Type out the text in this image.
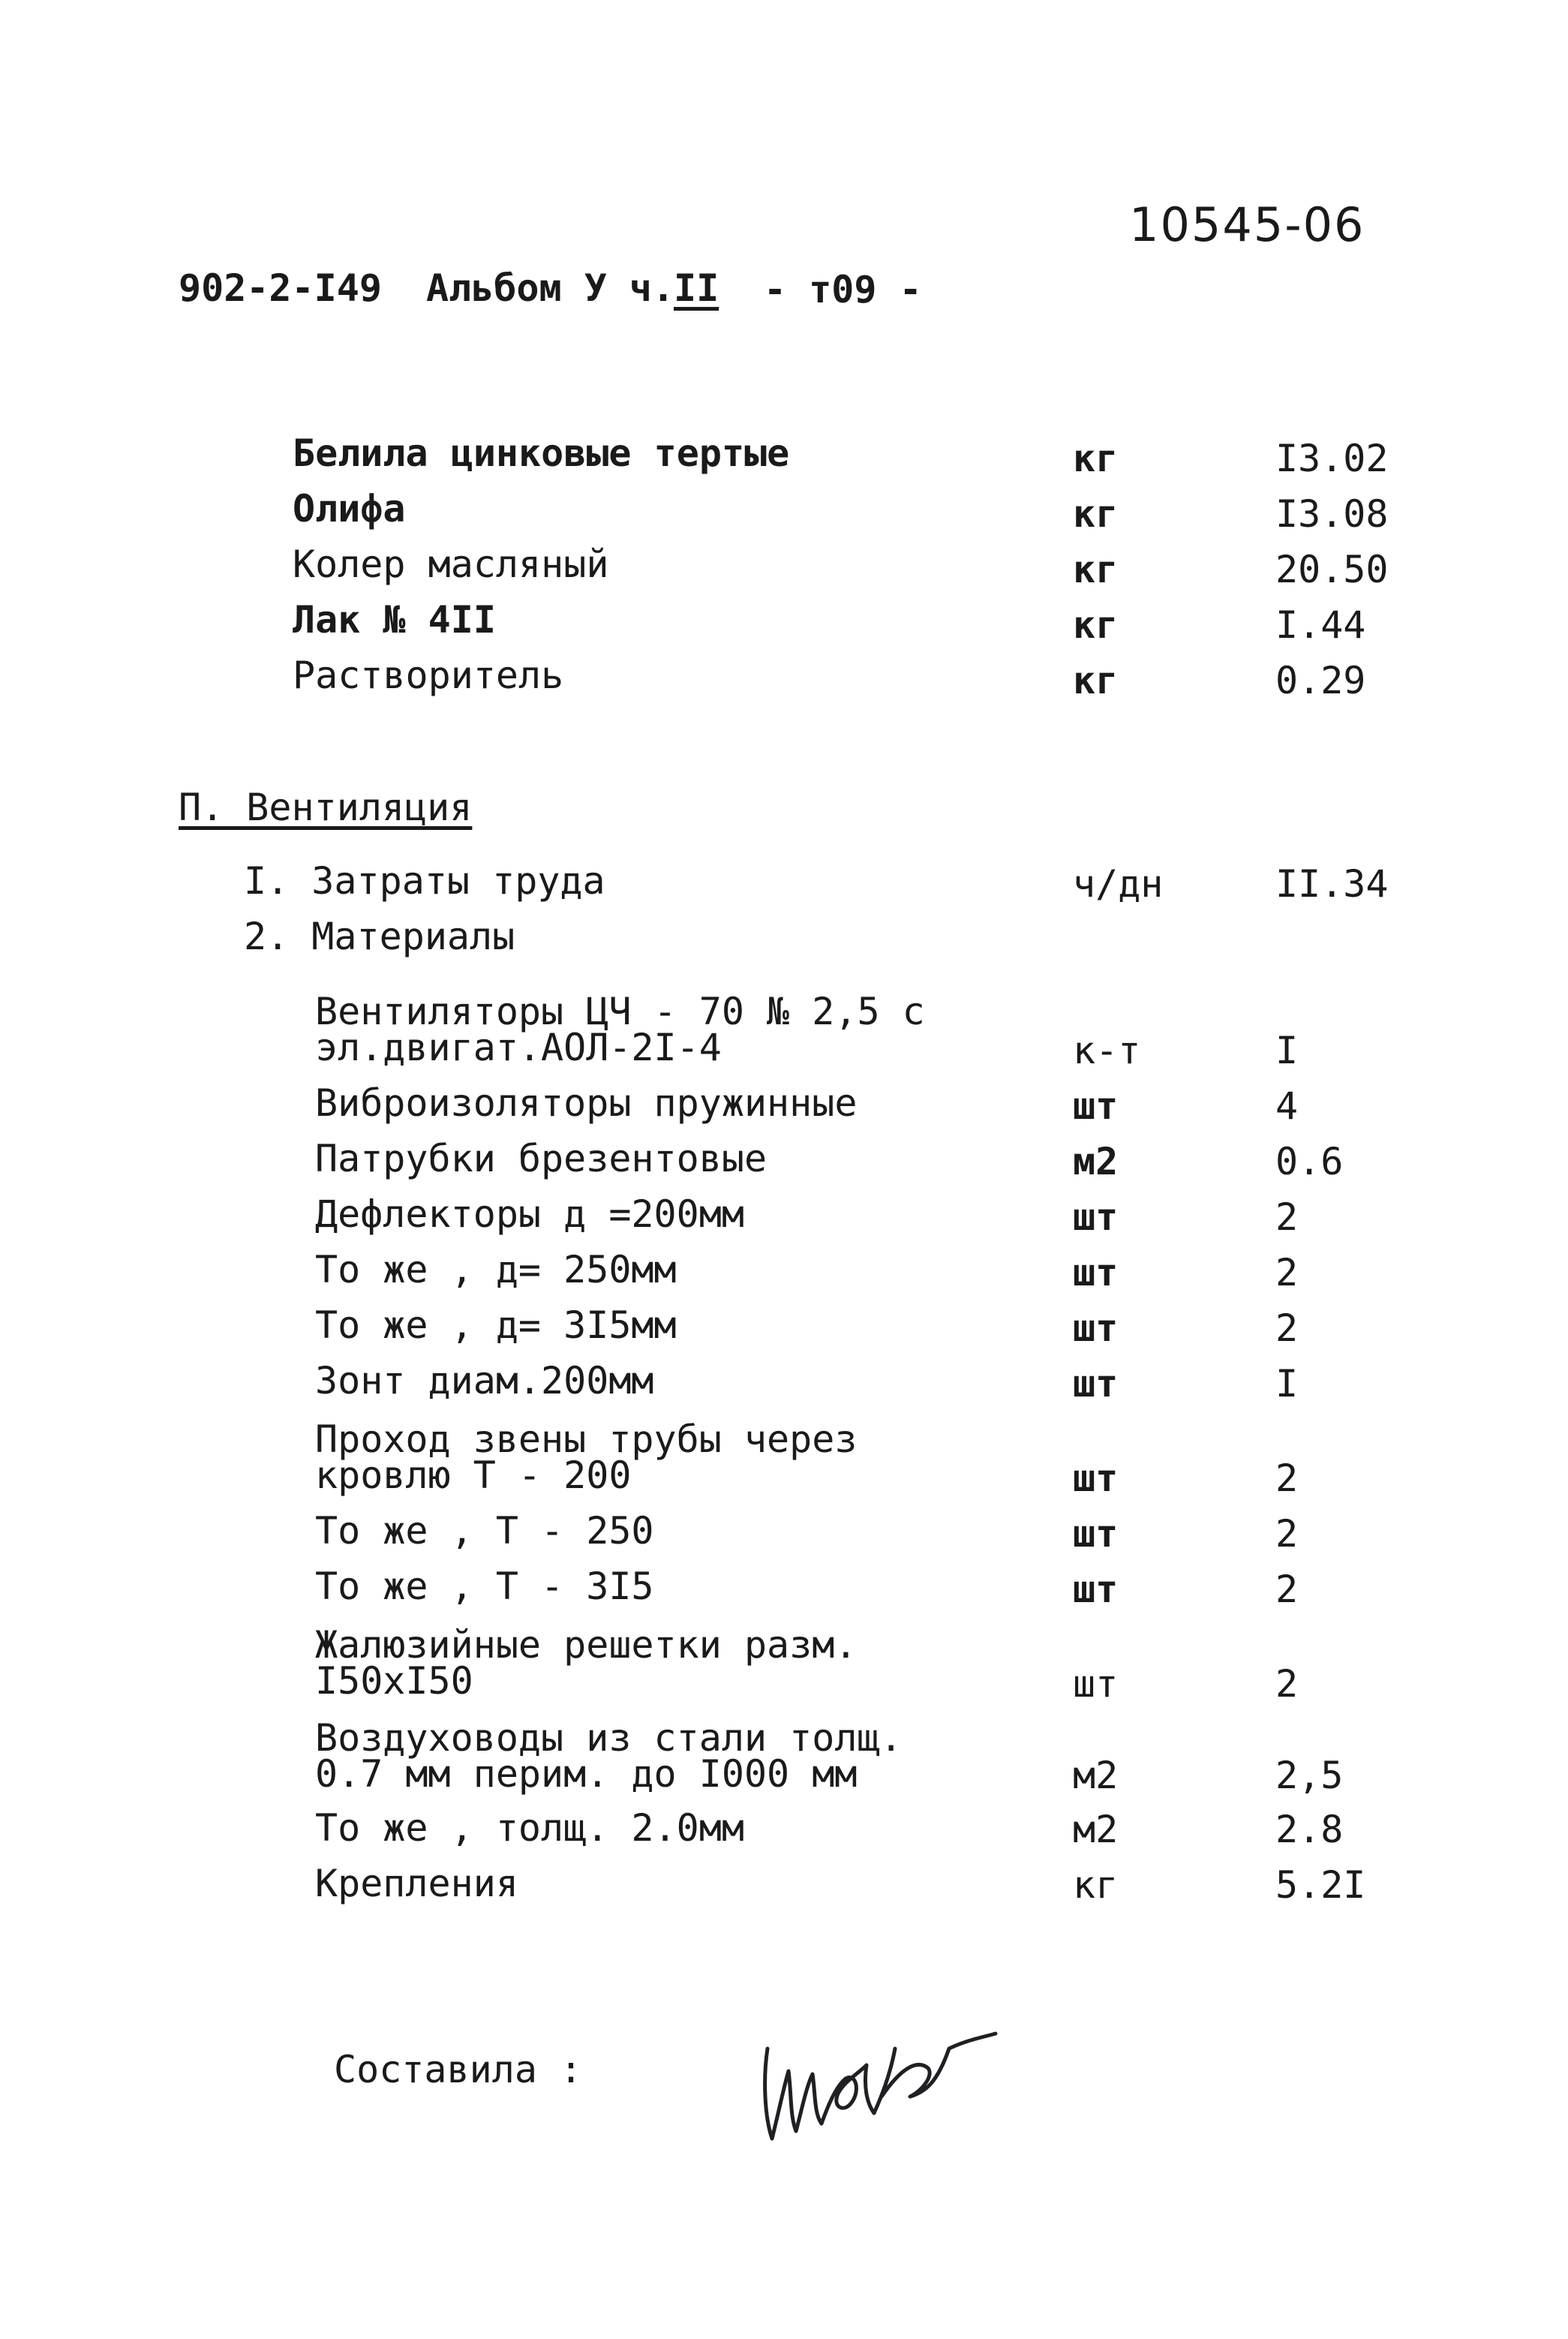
10545-06
902-2-I49 Альбом У ч.
II - т09 -
Белила цинковые тертые	кг	I3.02
Олифа	кг	I3.08
Колер масляный	кг	20.50
Лак № 4II	кг	I.44
Растворитель	кг	0.29
П. Вентиляция
I. Затраты труда	ч/дн	II.34
2. Материалы
Вентиляторы ЦЧ - 70 № 2,5 с
эл.двигат.АОЛ-2I-4	к-т	I
Виброизоляторы пружинные	шт	4
Патрубки брезентовые	м2	0.6
Дефлекторы д =200мм	шт	2
То же , д= 250мм	шт	2
То же , д= 3I5мм	шт	2
Зонт диам.200мм	шт	I
Проход звены трубы через
кровлю Т - 200	шт	2
То же , Т - 250	шт	2
То же , Т - 3I5	шт	2
Жалюзийные решетки разм.
I50хI50	шт	2
Воздуховоды из стали толщ.
0.7 мм перим. до I000 мм	м2	2,5
То же , толщ. 2.0мм	м2	2.8
Крепления	кг	5.2I
Составила :
